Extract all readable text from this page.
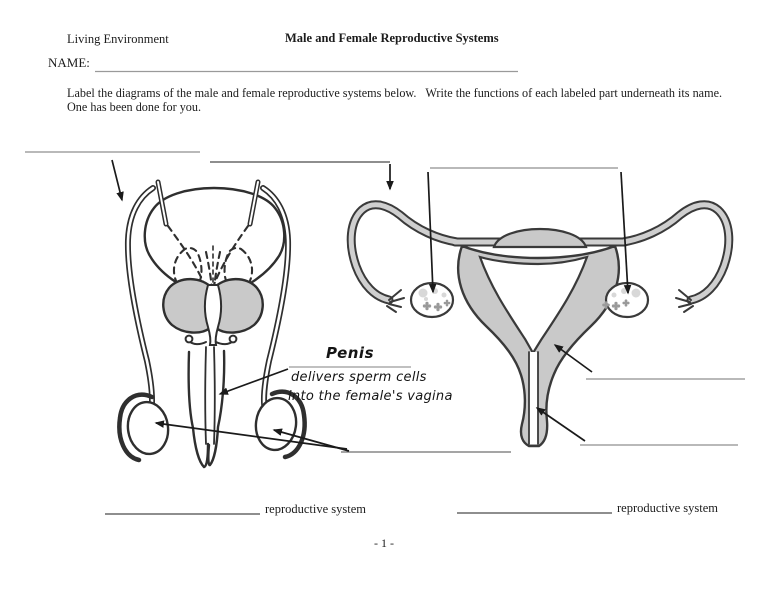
Living Environment	Male and Female Reproductive Systems
NAME:
Label the diagrams of the male and female reproductive systems below.   Write the functions of each labeled part underneath its name.
One has been done for you.
Penis
delivers sperm cells
into the female's vagina
reproductive system	reproductive system
- 1 -
